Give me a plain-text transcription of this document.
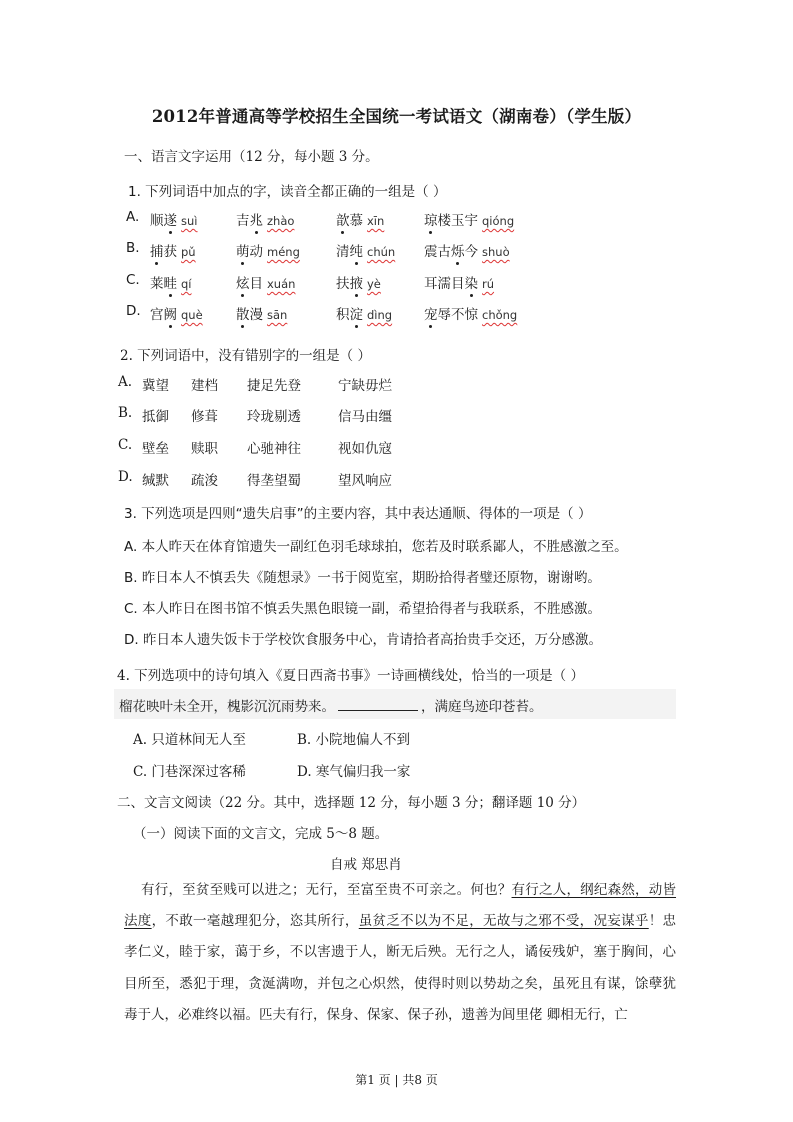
2012年普通高等学校招生全国统一考试语文（湖南卷）（学生版）
一、语言文字运用（12 分，每小题 3 分。
1. 下列词语中加点的字，读音全都正确的一组是（ ）
A. 顺遂 suì	吉兆 zhào	歆慕 xīn	琼楼玉宇 qióng
B. 捕获 pǔ	萌动 méng	清纯 chún 震古烁今 shuò
C. 莱畦 qí	炫目 xuán	扶掖 yè	耳濡目染 rú
D. 宫阙 què 散漫 sān	积淀 dìng 宠辱不惊 chǒng
2. 下列词语中，没有错别字的一组是（ ）
A. 冀望 建档 捷足先登	宁缺毋烂
B. 抵御 修葺 玲珑剔透	信马由缰
C. 壁垒 赎职 心驰神往	视如仇寇
D. 缄默 疏浚 得垄望蜀	望风响应
3. 下列选项是四则“遗失启事”的主要内容，其中表达通顺、得体的一项是（ ）
A. 本人昨天在体育馆遗失一副红色羽毛球球拍，您若及时联系鄙人，不胜感激之至。
B. 昨日本人不慎丢失《随想录》一书于阅览室，期盼拾得者璧还原物，谢谢哟。
C. 本人昨日在图书馆不慎丢失黑色眼镜一副，希望拾得者与我联系，不胜感激。
D. 昨日本人遗失饭卡于学校饮食服务中心，肯请拾者高抬贵手交还，万分感激。
4. 下列选项中的诗句填入《夏日西斋书事》一诗画横线处，恰当的一项是（ ）
榴花映叶未全开，槐影沉沉雨势来。	，满庭鸟迹印苍苔。
A. 只道林间无人至	B. 小院地偏人不到
C. 门巷深深过客稀	D. 寒气偏归我一家
二、文言文阅读（22 分。其中，选择题 12 分，每小题 3 分；翻译题 10 分）
（一）阅读下面的文言文，完成 5～8 题。
自戒 郑思肖
有行，至贫至贱可以进之；无行，至富至贵不可亲之。何也？有行之人，纲纪森然，动皆法度，不敢一毫越理犯分，恣其所行，虽贫乏不以为不足，无故与之邪不受，况妄谋乎！忠孝仁义，睦于家，蔼于乡，不以害遗于人，断无后殃。无行之人，谲佞残妒，塞于胸间，心目所至，悉犯于理，贪涎满吻，并包之心炽然，使得时则以势劫之矣，虽死且有谋，馀孽犹毒于人，必难终以福。匹夫有行，保身、保家、保子孙，遗善为闾里佬 卿相无行，亡
第1 页 | 共8 页
